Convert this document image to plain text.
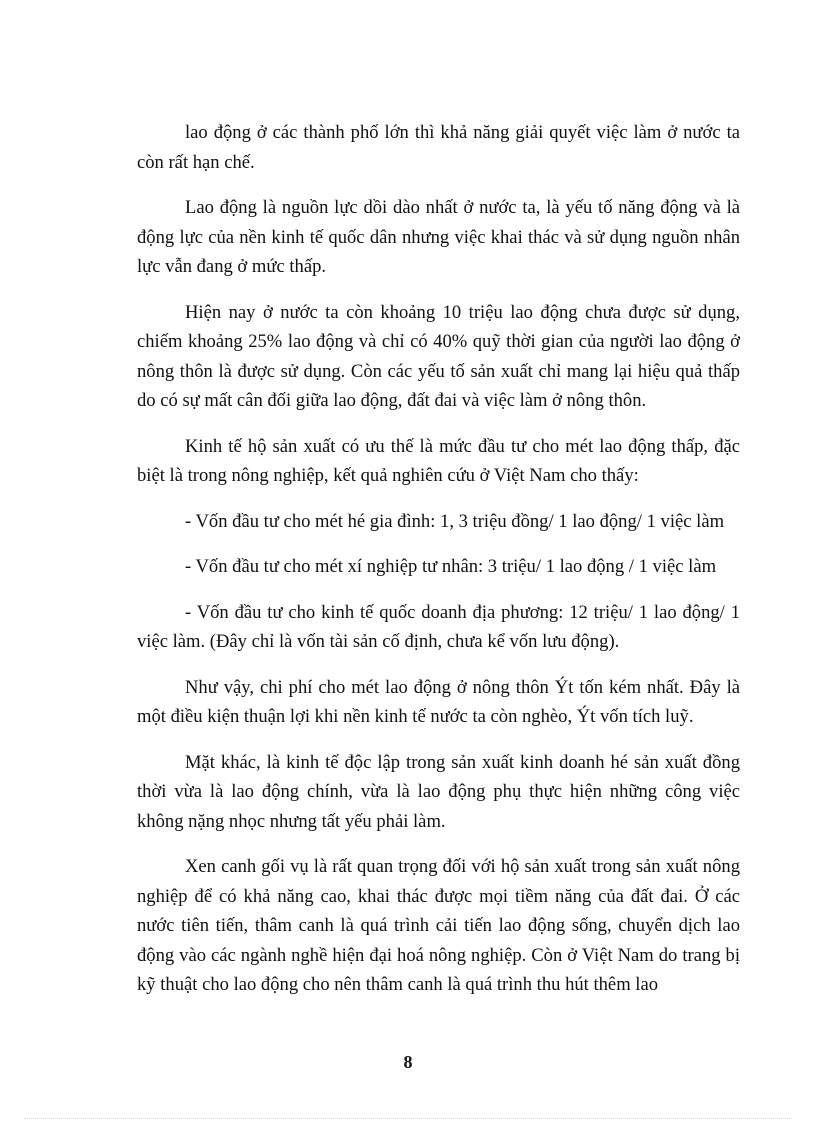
lao động ở các thành phố lớn thì khả năng giải quyết việc làm ở nước ta còn rất hạn chế.

Lao động là nguồn lực dồi dào nhất ở nước ta, là yếu tố năng động và là động lực của nền kinh tế quốc dân nhưng việc khai thác và sử dụng nguồn nhân lực vẫn đang ở mức thấp.

Hiện nay ở nước ta còn khoảng 10 triệu lao động chưa được sử dụng, chiếm khoảng 25% lao động và chỉ có 40% quỹ thời gian của người lao động ở nông thôn là được sử dụng. Còn các yếu tố sản xuất chỉ mang lại hiệu quả thấp do có sự mất cân đối giữa lao động, đất đai và việc làm ở nông thôn.

Kinh tế hộ sản xuất có ưu thế là mức đầu tư cho mét lao động thấp, đặc biệt là trong nông nghiệp, kết quả nghiên cứu ở Việt Nam cho thấy:

- Vốn đầu tư cho mét hé gia đình: 1, 3 triệu đồng/ 1 lao động/ 1 việc làm

- Vốn đầu tư cho mét xí nghiệp tư nhân: 3 triệu/ 1 lao động / 1 việc làm

- Vốn đầu tư cho kinh tế quốc doanh địa phương: 12 triệu/ 1 lao động/ 1 việc làm. (Đây chỉ là vốn tài sản cố định, chưa kể vốn lưu động).

Như vậy, chi phí cho mét lao động ở nông thôn Ýt tốn kém nhất. Đây là một điều kiện thuận lợi khi nền kinh tế nước ta còn nghèo, Ýt vốn tích luỹ.

Mặt khác, là kinh tế độc lập trong sản xuất kinh doanh hé sản xuất đồng thời vừa là lao động chính, vừa là lao động phụ thực hiện những công việc không nặng nhọc nhưng tất yếu phải làm.

Xen canh gối vụ là rất quan trọng đối với hộ sản xuất trong sản xuất nông nghiệp để có khả năng cao, khai thác được mọi tiềm năng của đất đai. Ở các nước tiên tiến, thâm canh là quá trình cải tiến lao động sống, chuyển dịch lao động vào các ngành nghề hiện đại hoá nông nghiệp. Còn ở Việt Nam do trang bị kỹ thuật cho lao động cho nên thâm canh là quá trình thu hút thêm lao

8
